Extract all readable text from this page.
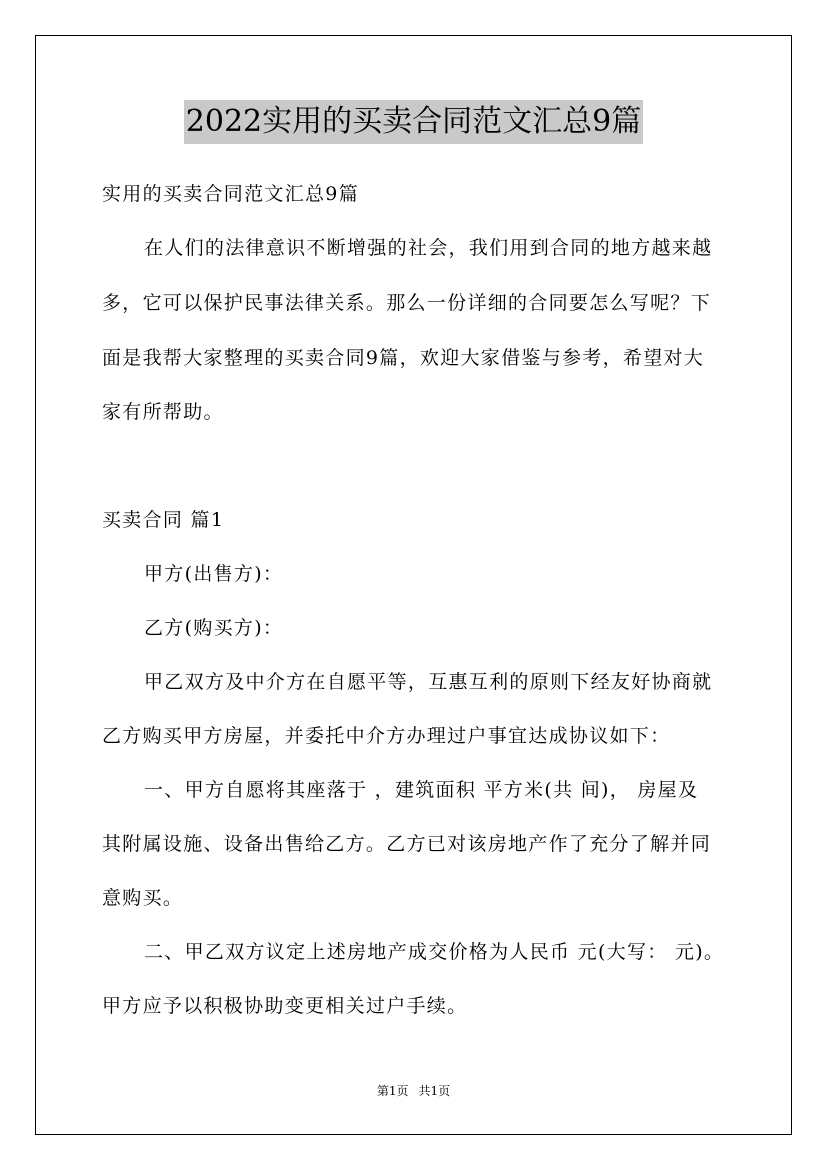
2022实用的买卖合同范文汇总9篇
实用的买卖合同范文汇总9篇
在人们的法律意识不断增强的社会，我们用到合同的地方越来越
多，它可以保护民事法律关系。那么一份详细的合同要怎么写呢？下
面是我帮大家整理的买卖合同9篇，欢迎大家借鉴与参考，希望对大
家有所帮助。
买卖合同 篇1
甲方(出售方)：
乙方(购买方)：
甲乙双方及中介方在自愿平等，互惠互利的原则下经友好协商就
乙方购买甲方房屋，并委托中介方办理过户事宜达成协议如下：
一、甲方自愿将其座落于 ，建筑面积 平方米(共 间)， 房屋及
其附属设施、设备出售给乙方。乙方已对该房地产作了充分了解并同
意购买。
二、甲乙双方议定上述房地产成交价格为人民币 元(大写： 元)。
甲方应予以积极协助变更相关过户手续。
第1页 共1页
